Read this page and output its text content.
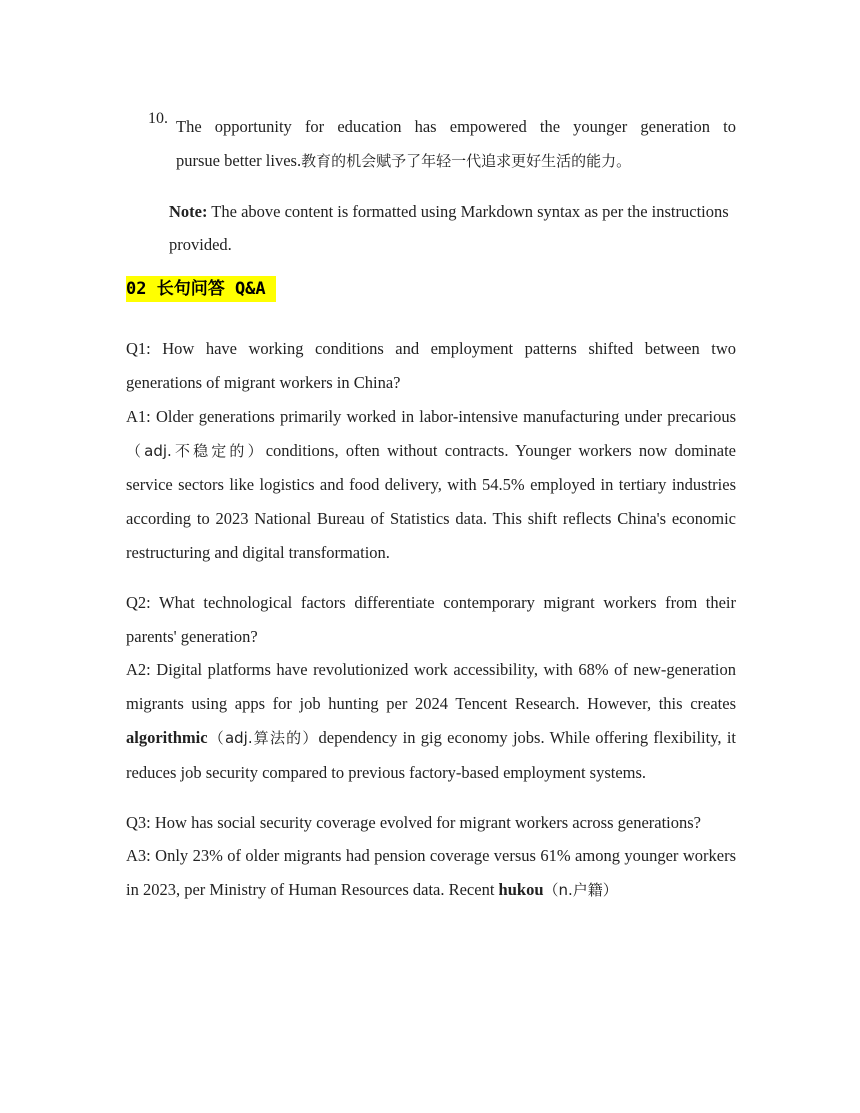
10. The opportunity for education has empowered the younger generation to
pursue better lives.教育的机会赋予了年轻一代追求更好生活的能力。
Note: The above content is formatted using Markdown syntax as per the instructions provided.
02 长句问答 Q&A

Q1: How have working conditions and employment patterns shifted between two generations of migrant workers in China?

A1: Older generations primarily worked in labor-intensive manufacturing under precarious（adj.不稳定的）conditions, often without contracts. Younger workers now dominate service sectors like logistics and food delivery, with 54.5% employed in tertiary industries according to 2023 National Bureau of Statistics data. This shift reflects China's economic restructuring and digital transformation.

Q2: What technological factors differentiate contemporary migrant workers from their parents' generation?

A2: Digital platforms have revolutionized work accessibility, with 68% of new-generation migrants using apps for job hunting per 2024 Tencent Research. However, this creates algorithmic（adj.算法的）dependency in gig economy jobs. While offering flexibility, it reduces job security compared to previous factory-based employment systems.

Q3: How has social security coverage evolved for migrant workers across generations?

A3: Only 23% of older migrants had pension coverage versus 61% among younger workers in 2023, per Ministry of Human Resources data. Recent hukou（n.户籍）
